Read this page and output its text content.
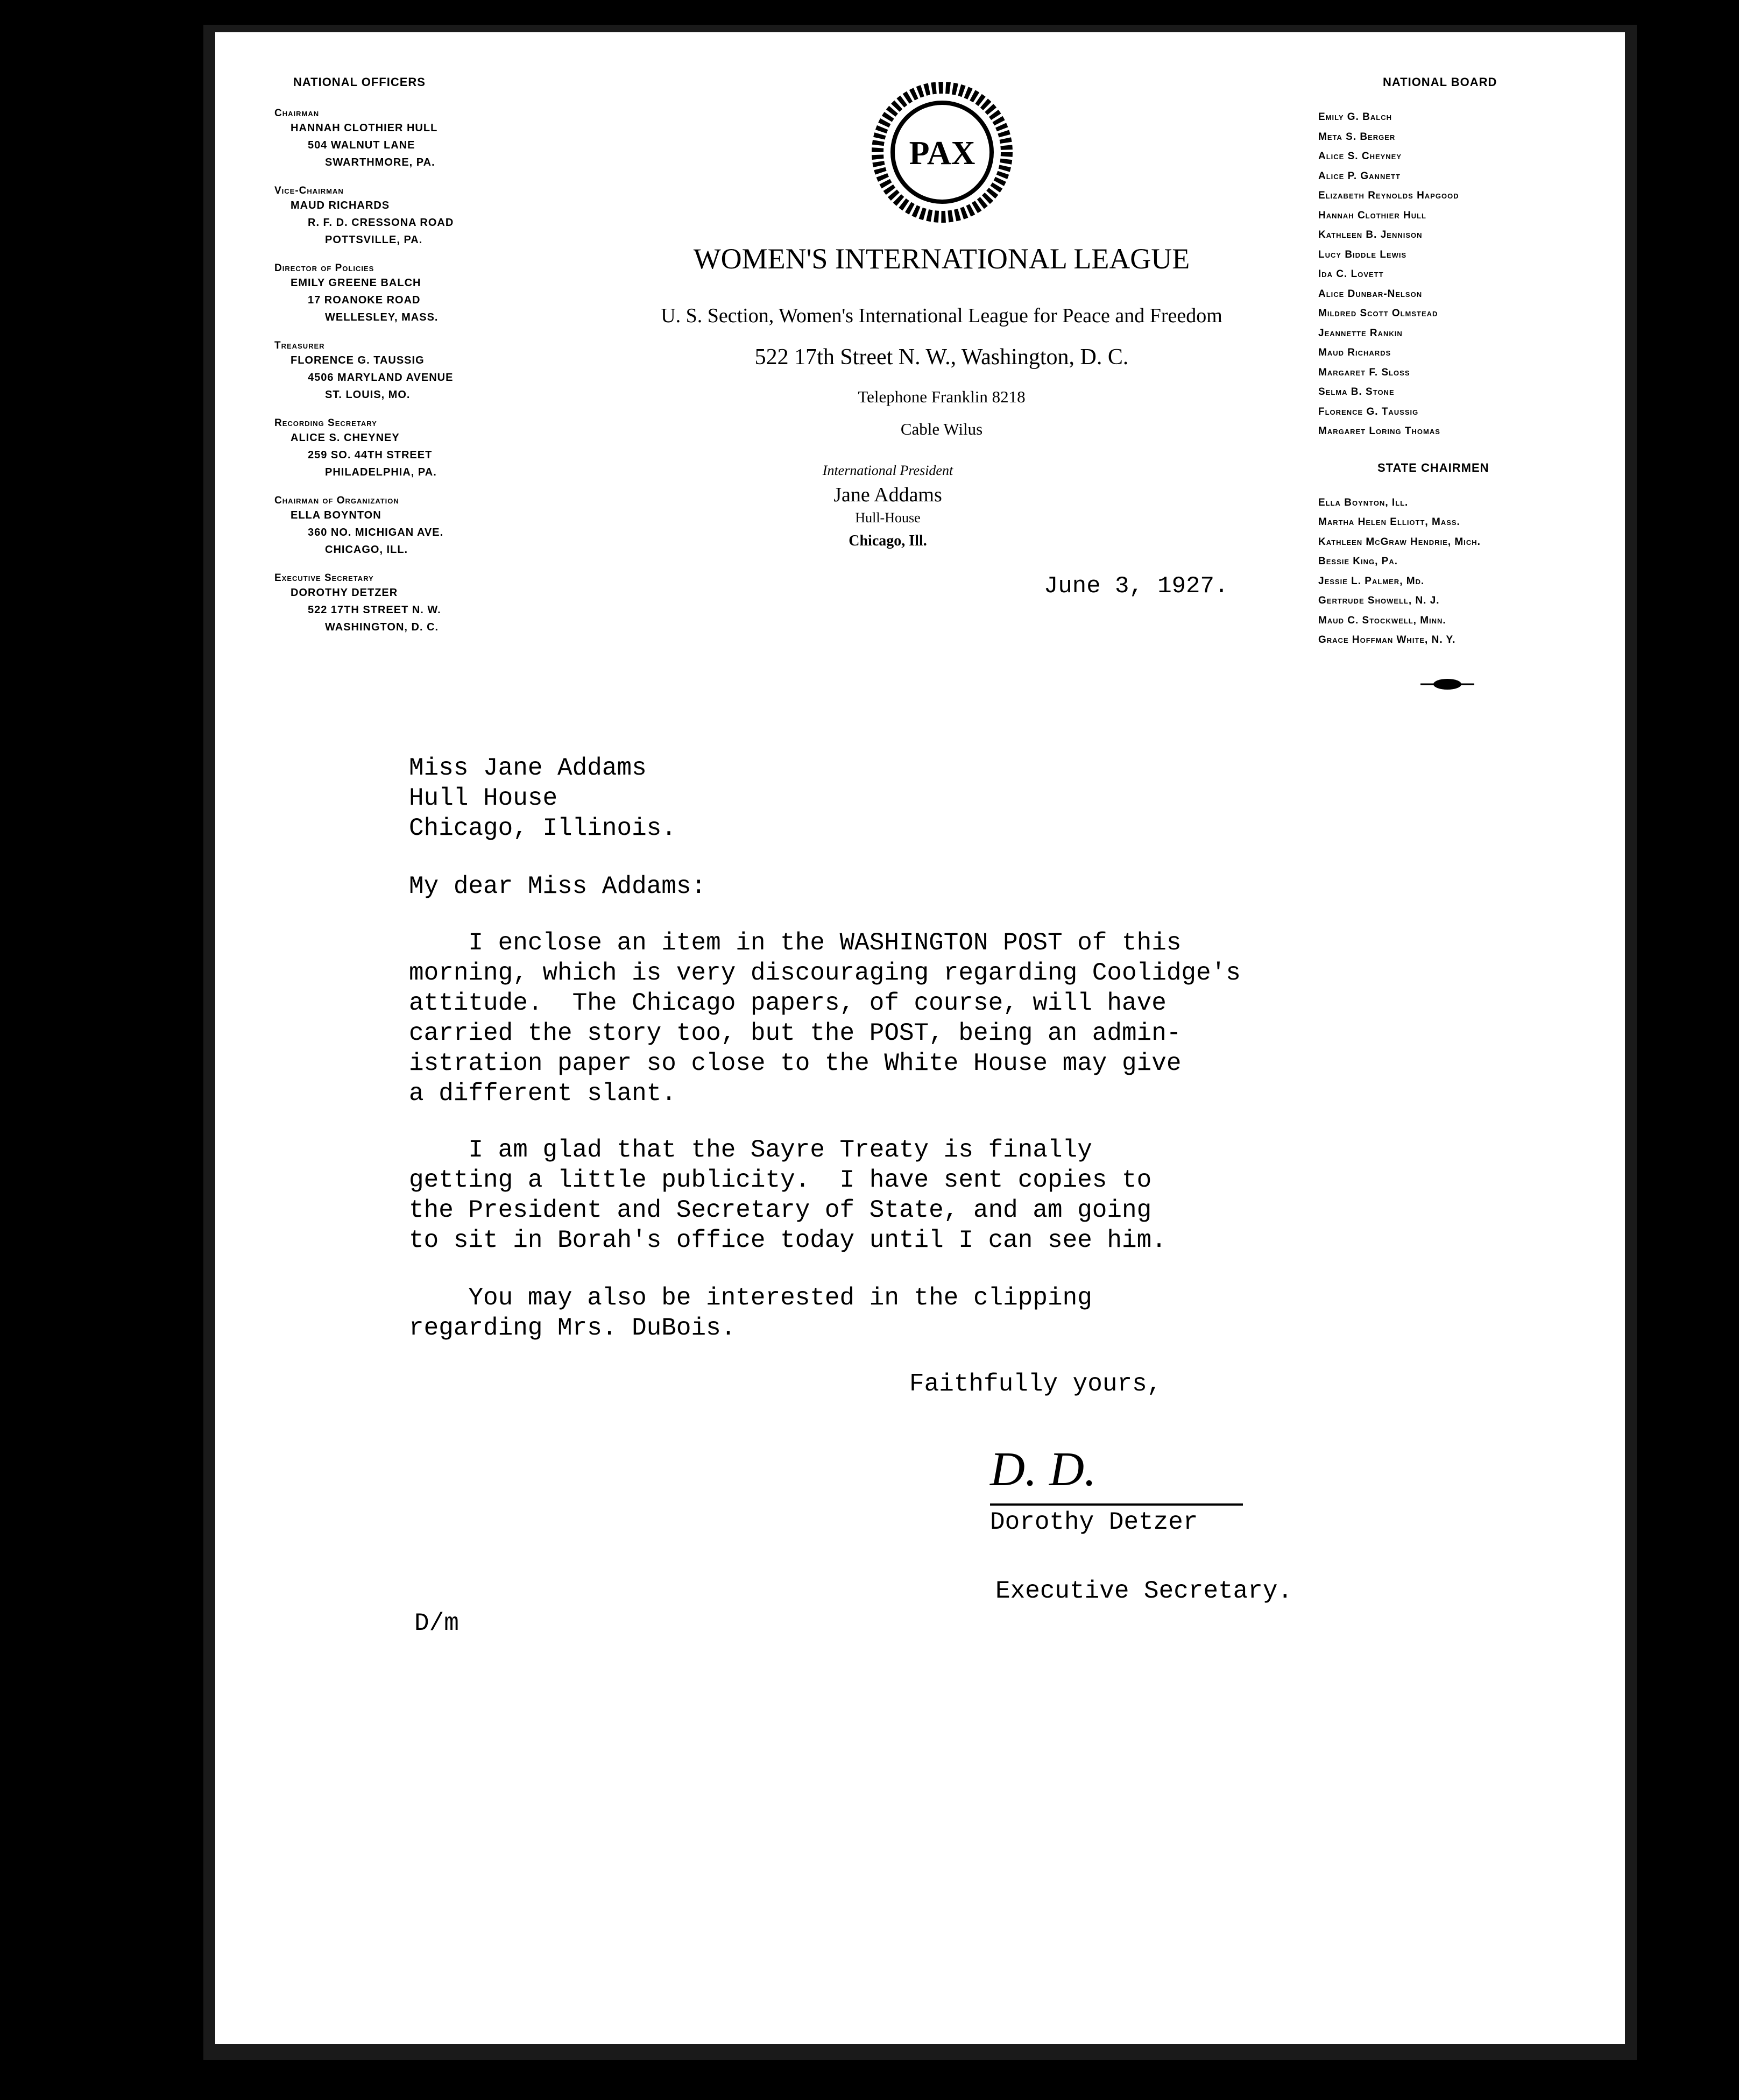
NATIONAL OFFICERS
Chairman
HANNAH CLOTHIER HULL
504 WALNUT LANE
SWARTHMORE, PA.
Vice-Chairman
MAUD RICHARDS
R. F. D. CRESSONA ROAD
POTTSVILLE, PA.
Director of Policies
EMILY GREENE BALCH
17 ROANOKE ROAD
WELLESLEY, MASS.
Treasurer
FLORENCE G. TAUSSIG
4506 MARYLAND AVENUE
ST. LOUIS, MO.
Recording Secretary
ALICE S. CHEYNEY
259 SO. 44TH STREET
PHILADELPHIA, PA.
Chairman of Organization
ELLA BOYNTON
360 NO. MICHIGAN AVE.
CHICAGO, ILL.
Executive Secretary
DOROTHY DETZER
522 17TH STREET N. W.
WASHINGTON, D. C.
PAX
WOMEN'S INTERNATIONAL LEAGUE
U. S. Section, Women's International League for Peace and Freedom
522 17th Street N. W., Washington, D. C.
Telephone Franklin 8218
Cable Wilus
International President
Jane Addams
Hull-House
Chicago, Ill.
NATIONAL BOARD
Emily G. Balch
Meta S. Berger
Alice S. Cheyney
Alice P. Gannett
Elizabeth Reynolds Hapgood
Hannah Clothier Hull
Kathleen B. Jennison
Lucy Biddle Lewis
Ida C. Lovett
Alice Dunbar-Nelson
Mildred Scott Olmstead
Jeannette Rankin
Maud Richards
Margaret F. Sloss
Selma B. Stone
Florence G. Taussig
Margaret Loring Thomas
STATE CHAIRMEN
Ella Boynton, Ill.
Martha Helen Elliott, Mass.
Kathleen McGraw Hendrie, Mich.
Bessie King, Pa.
Jessie L. Palmer, Md.
Gertrude Showell, N. J.
Maud C. Stockwell, Minn.
Grace Hoffman White, N. Y.
June 3, 1927.
Miss Jane Addams
Hull House
Chicago, Illinois.
My dear Miss Addams:
I enclose an item in the WASHINGTON POST of this
morning, which is very discouraging regarding Coolidge's
attitude.  The Chicago papers, of course, will have
carried the story too, but the POST, being an admin-
istration paper so close to the White House may give
a different slant.
I am glad that the Sayre Treaty is finally
getting a little publicity.  I have sent copies to
the President and Secretary of State, and am going
to sit in Borah's office today until I can see him.
You may also be interested in the clipping
regarding Mrs. DuBois.
Faithfully yours,
D. D.
Dorothy Detzer
Executive Secretary.
D/m
